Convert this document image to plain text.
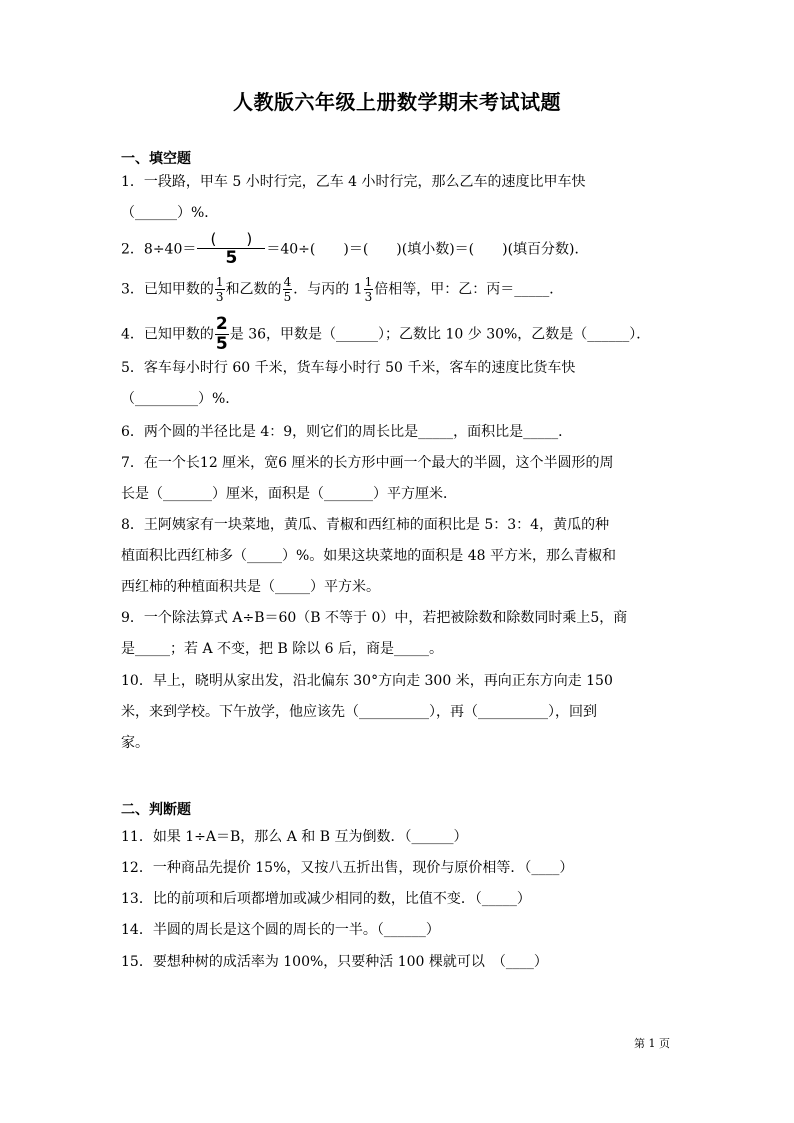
人教版六年级上册数学期末考试试题
一、填空题
1．一段路，甲车 5 小时行完，乙车 4 小时行完，那么乙车的速度比甲车快
（______）%．
2．$8\div 40= \frac{( )}{5} =40\div$(　　)＝(　　)(填小数)＝(　　)(填百分数)．
3．已知甲数的 $\frac{1}{3}$ 和乙数的 $\frac{4}{5}$ ．与丙的 $1 \frac{1}{3}$ 倍相等，甲：乙：丙＝_____．
4．已知甲数的 $\frac{2}{5}$ 是 36，甲数是（______）；乙数比 10 少 30%，乙数是（______）．
5．客车每小时行 60 千米，货车每小时行 50 千米，客车的速度比货车快
（_________）%.
6．两个圆的半径比是 4：9，则它们的周长比是_____，面积比是_____．
7．在一个长12 厘米，宽6 厘米的长方形中画一个最大的半圆，这个半圆形的周
长是（_______）厘米，面积是（_______）平方厘米．
8．王阿姨家有一块菜地，黄瓜、青椒和西红柿的面积比是 5：3：4，黄瓜的种
植面积比西红柿多（_____）%。如果这块菜地的面积是 48 平方米，那么青椒和
西红柿的种植面积共是（_____）平方米。
9．一个除法算式 A÷B＝60（B 不等于 0）中，若把被除数和除数同时乘上5，商
是_____；若 A 不变，把 B 除以 6 后，商是_____。
10．早上，晓明从家出发，沿北偏东 30°方向走 300 米，再向正东方向走 150
米，来到学校。下午放学，他应该先（__________），再（__________），回到
家。
二、判断题
11．如果 1÷A＝B，那么 A 和 B 互为倒数．（______）
12．一种商品先提价 15%，又按八五折出售，现价与原价相等．（____）
13．比的前项和后项都增加或减少相同的数，比值不变．（_____）
14．半圆的周长是这个圆的周长的一半。（______）
15．要想种树的成活率为 100%，只要种活 100 棵就可以　（____）
第 1 页
